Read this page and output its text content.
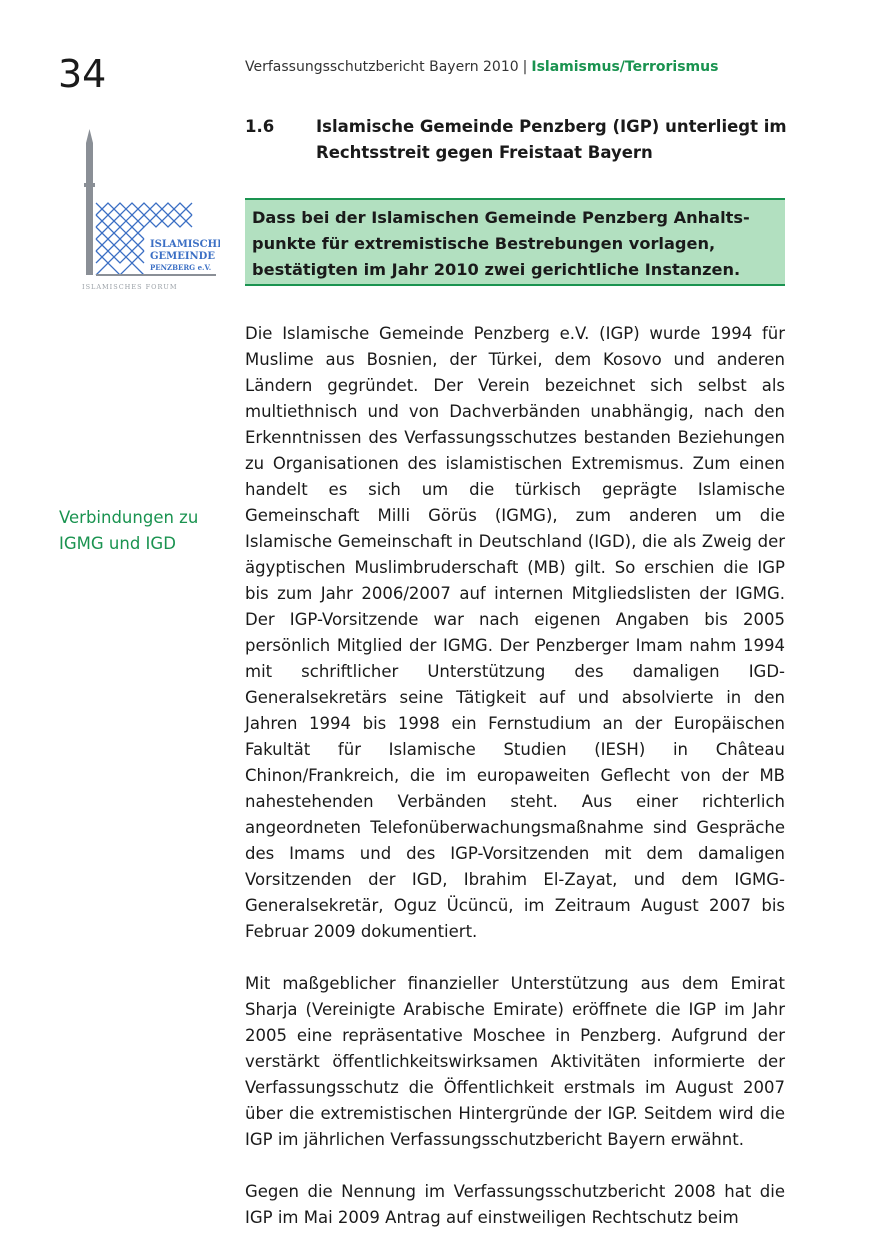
34	Verfassungsschutzbericht Bayern 2010 | Islamismus/Terrorismus
ISLAMISCHE
GEMEINDE
PENZBERG e.V.
ISLAMISCHES FORUM
1.6	Islamische Gemeinde Penzberg (IGP) unterliegt im Rechtsstreit gegen Freistaat Bayern
Dass bei der Islamischen Gemeinde Penzberg Anhalts- punkte für extremistische Bestrebungen vorlagen, bestätigten im Jahr 2010 zwei gerichtliche Instanzen.
Verbindungen zu IGMG und IGD

Die Islamische Gemeinde Penzberg e.V. (IGP) wurde 1994 für Muslime aus Bosnien, der Türkei, dem Kosovo und anderen Ländern gegründet. Der Verein bezeichnet sich selbst als multiethnisch und von Dachverbänden unabhängig, nach den Erkenntnissen des Verfassungsschutzes bestanden Beziehungen zu Organisationen des islamistischen Extremismus. Zum einen handelt es sich um die türkisch geprägte Islamische Gemeinschaft Milli Görüs (IGMG), zum anderen um die Islamische Gemeinschaft in Deutschland (IGD), die als Zweig der ägyptischen Muslimbruderschaft (MB) gilt. So erschien die IGP bis zum Jahr 2006/2007 auf internen Mitgliedslisten der IGMG. Der IGP-Vorsitzende war nach eigenen Angaben bis 2005 persönlich Mitglied der IGMG. Der Penzberger Imam nahm 1994 mit schriftlicher Unterstützung des damaligen IGD-Generalsekretärs seine Tätigkeit auf und absolvierte in den Jahren 1994 bis 1998 ein Fernstudium an der Europäischen Fakultät für Islamische Studien (IESH) in Château Chinon/Frankreich, die im europaweiten Geflecht von der MB nahestehenden Verbänden steht. Aus einer richterlich angeordneten Telefonüberwachungsmaßnahme sind Gespräche des Imams und des IGP-Vorsitzenden mit dem damaligen Vorsitzenden der IGD, Ibrahim El-Zayat, und dem IGMG-Generalsekretär, Oguz Ücüncü, im Zeitraum August 2007 bis Februar 2009 dokumentiert.

Mit maßgeblicher finanzieller Unterstützung aus dem Emirat Sharja (Vereinigte Arabische Emirate) eröffnete die IGP im Jahr 2005 eine repräsentative Moschee in Penzberg. Aufgrund der verstärkt öffentlichkeitswirksamen Aktivitäten informierte der Verfassungsschutz die Öffentlichkeit erstmals im August 2007 über die extremistischen Hintergründe der IGP. Seitdem wird die IGP im jährlichen Verfassungsschutzbericht Bayern erwähnt.

Gegen die Nennung im Verfassungsschutzbericht 2008 hat die IGP im Mai 2009 Antrag auf einstweiligen Rechtschutz beim
